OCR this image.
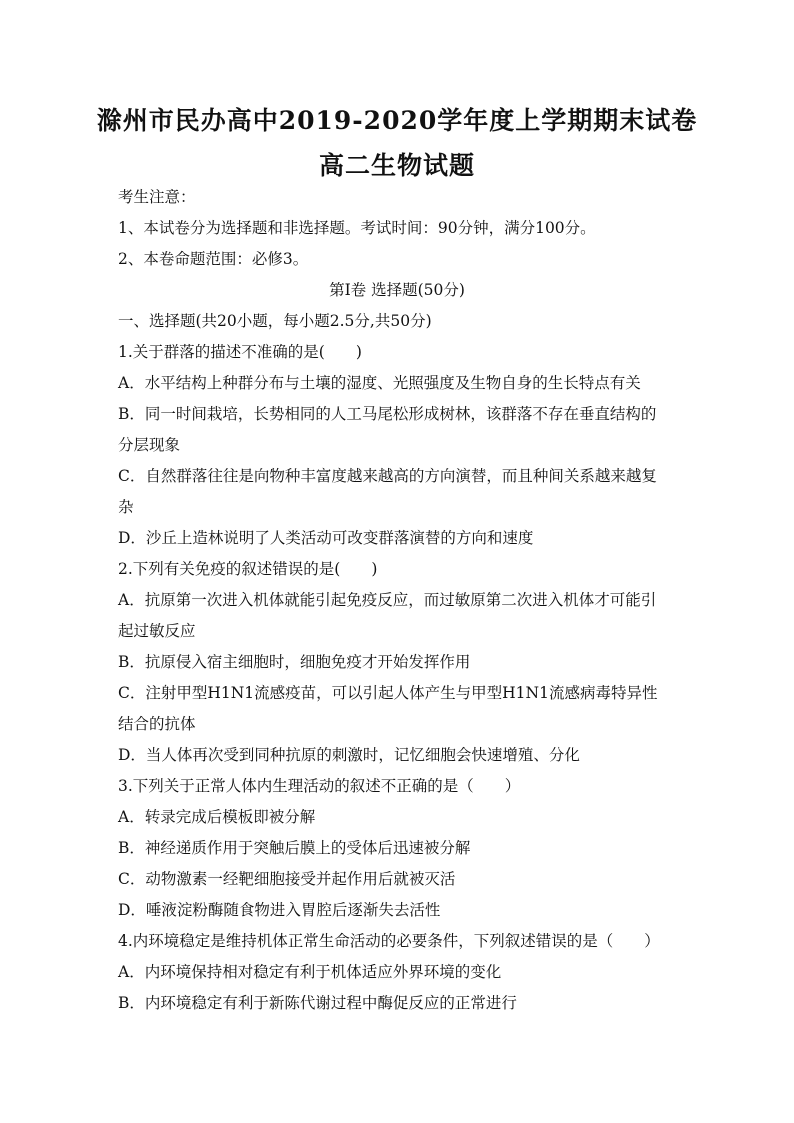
滁州市民办高中2019-2020学年度上学期期末试卷
高二生物试题

考生注意：

1、本试卷分为选择题和非选择题。考试时间：90分钟，满分100分。

2、本卷命题范围：必修3。

第I卷 选择题(50分)

一、选择题(共20小题，每小题2.5分,共50分)

1.关于群落的描述不准确的是(　　)

A．水平结构上种群分布与土壤的湿度、光照强度及生物自身的生长特点有关

B．同一时间栽培，长势相同的人工马尾松形成树林，该群落不存在垂直结构的

分层现象

C．自然群落往往是向物种丰富度越来越高的方向演替，而且种间关系越来越复

杂

D．沙丘上造林说明了人类活动可改变群落演替的方向和速度

2.下列有关免疫的叙述错误的是(　　)

A．抗原第一次进入机体就能引起免疫反应，而过敏原第二次进入机体才可能引

起过敏反应

B．抗原侵入宿主细胞时，细胞免疫才开始发挥作用

C．注射甲型H1N1流感疫苗，可以引起人体产生与甲型H1N1流感病毒特异性

结合的抗体

D．当人体再次受到同种抗原的刺激时，记忆细胞会快速增殖、分化

3.下列关于正常人体内生理活动的叙述不正确的是（　　）

A．转录完成后模板即被分解

B．神经递质作用于突触后膜上的受体后迅速被分解

C．动物激素一经靶细胞接受并起作用后就被灭活

D．唾液淀粉酶随食物进入胃腔后逐渐失去活性

4.内环境稳定是维持机体正常生命活动的必要条件，下列叙述错误的是（　　）

A．内环境保持相对稳定有利于机体适应外界环境的变化

B．内环境稳定有利于新陈代谢过程中酶促反应的正常进行
